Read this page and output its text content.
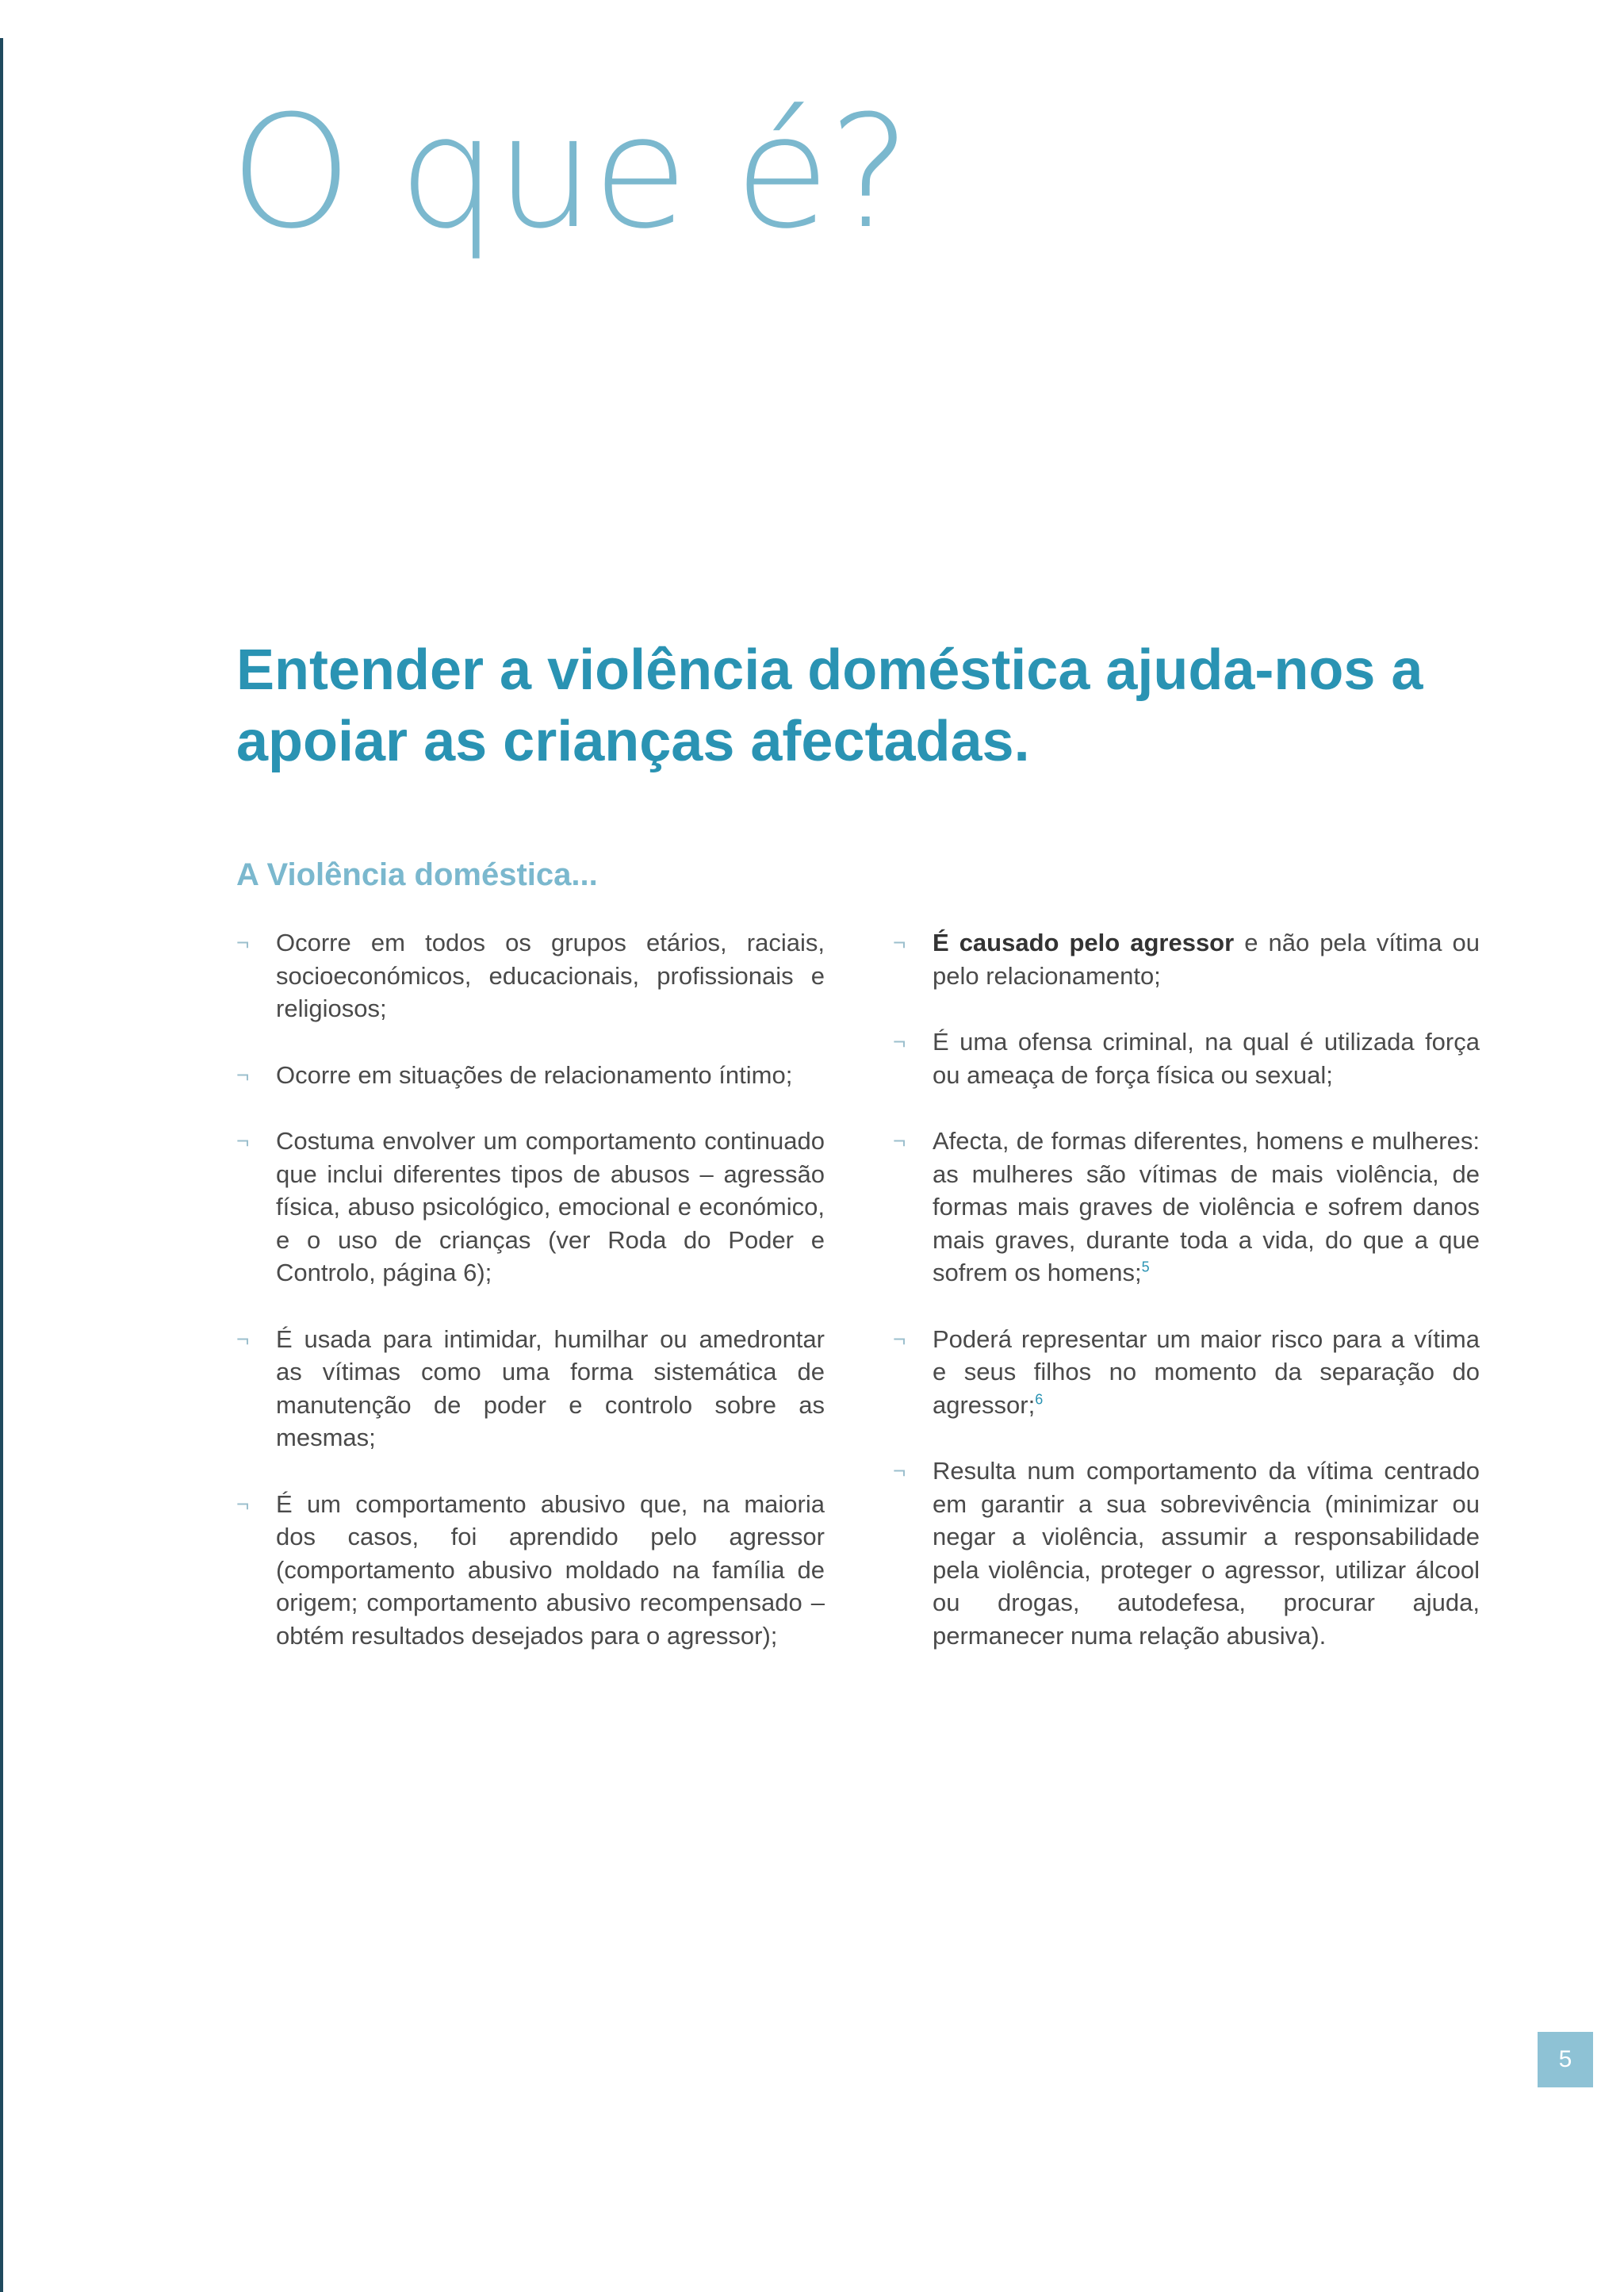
O que é?
Entender a violência doméstica ajuda-nos a apoiar as crianças afectadas.
A Violência doméstica...
¬ Ocorre em todos os grupos etários, raciais, socioeconómicos, educacionais, profissionais e religiosos;
¬ Ocorre em situações de relacionamento íntimo;
¬ Costuma envolver um comportamento continuado que inclui diferentes tipos de abusos – agressão física, abuso psicológico, emocional e económico, e o uso de crianças (ver Roda do Poder e Controlo, página 6);
¬ É usada para intimidar, humilhar ou amedrontar as vítimas como uma forma sistemática de manutenção de poder e controlo sobre as mesmas;
¬ É um comportamento abusivo que, na maioria dos casos, foi aprendido pelo agressor (comportamento abusivo moldado na família de origem; comportamento abusivo recompensado – obtém resultados desejados para o agressor);
¬ É causado pelo agressor e não pela vítima ou pelo relacionamento;
¬ É uma ofensa criminal, na qual é utilizada força ou ameaça de força física ou sexual;
¬ Afecta, de formas diferentes, homens e mulheres: as mulheres são vítimas de mais violência, de formas mais graves de violência e sofrem danos mais graves, durante toda a vida, do que a que sofrem os homens;$^5$
¬ Poderá representar um maior risco para a vítima e seus filhos no momento da separação do agressor;$^6$
¬ Resulta num comportamento da vítima centrado em garantir a sua sobrevivência (minimizar ou negar a violência, assumir a responsabilidade pela violência, proteger o agressor, utilizar álcool ou drogas, autodefesa, procurar ajuda, permanecer numa relação abusiva).
5
